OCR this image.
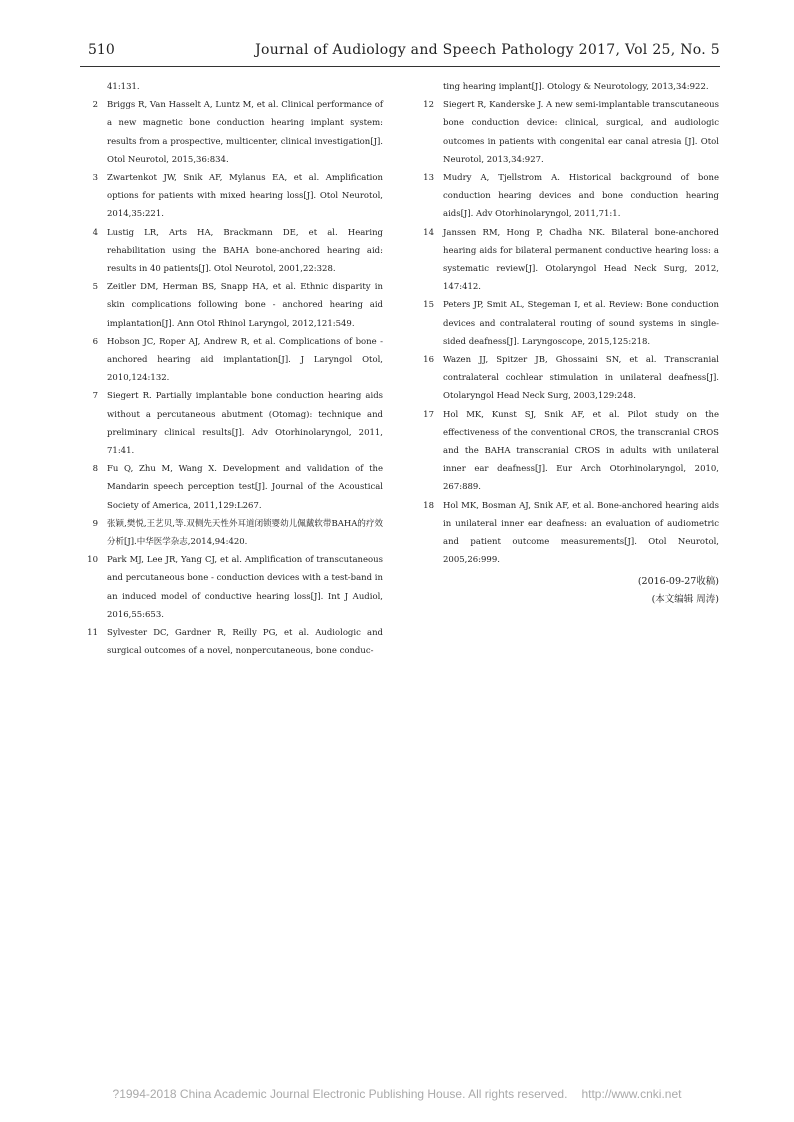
510	Journal of Audiology and Speech Pathology 2017, Vol 25, No. 5

41:131.

2 Briggs R, Van Hasselt A, Luntz M, et al. Clinical performance of a new magnetic bone conduction hearing implant system: results from a prospective, multicenter, clinical investigation[J]. Otol Neurotol, 2015,36:834.

3 Zwartenkot JW, Snik AF, Mylanus EA, et al. Amplification options for patients with mixed hearing loss[J]. Otol Neurotol, 2014,35:221.

4 Lustig LR, Arts HA, Brackmann DE, et al. Hearing rehabilitation using the BAHA bone-anchored hearing aid: results in 40 patients[J]. Otol Neurotol, 2001,22:328.

5 Zeitler DM, Herman BS, Snapp HA, et al. Ethnic disparity in skin complications following bone - anchored hearing aid implantation[J]. Ann Otol Rhinol Laryngol, 2012,121:549.

6 Hobson JC, Roper AJ, Andrew R, et al. Complications of bone - anchored hearing aid implantation[J]. J Laryngol Otol, 2010,124:132.

7 Siegert R. Partially implantable bone conduction hearing aids without a percutaneous abutment (Otomag): technique and preliminary clinical results[J]. Adv Otorhinolaryngol, 2011, 71:41.

8 Fu Q, Zhu M, Wang X. Development and validation of the Mandarin speech perception test[J]. Journal of the Acoustical Society of America, 2011,129:L267.

9 张颖,樊悦,王艺贝,等.双侧先天性外耳道闭锁婴幼儿佩戴软带BAHA的疗效分析[J].中华医学杂志,2014,94:420.

10 Park MJ, Lee JR, Yang CJ, et al. Amplification of transcutaneous and percutaneous bone - conduction devices with a test-band in an induced model of conductive hearing loss[J]. Int J Audiol, 2016,55:653.

11 Sylvester DC, Gardner R, Reilly PG, et al. Audiologic and surgical outcomes of a novel, nonpercutaneous, bone conduc-

ting hearing implant[J]. Otology & Neurotology, 2013,34:922.

12 Siegert R, Kanderske J. A new semi-implantable transcutaneous bone conduction device: clinical, surgical, and audiologic outcomes in patients with congenital ear canal atresia [J]. Otol Neurotol, 2013,34:927.

13 Mudry A, Tjellstrom A. Historical background of bone conduction hearing devices and bone conduction hearing aids[J]. Adv Otorhinolaryngol, 2011,71:1.

14 Janssen RM, Hong P, Chadha NK. Bilateral bone-anchored hearing aids for bilateral permanent conductive hearing loss: a systematic review[J]. Otolaryngol Head Neck Surg, 2012, 147:412.

15 Peters JP, Smit AL, Stegeman I, et al. Review: Bone conduction devices and contralateral routing of sound systems in single-sided deafness[J]. Laryngoscope, 2015,125:218.

16 Wazen JJ, Spitzer JB, Ghossaini SN, et al. Transcranial contralateral cochlear stimulation in unilateral deafness[J]. Otolaryngol Head Neck Surg, 2003,129:248.

17 Hol MK, Kunst SJ, Snik AF, et al. Pilot study on the effectiveness of the conventional CROS, the transcranial CROS and the BAHA transcranial CROS in adults with unilateral inner ear deafness[J]. Eur Arch Otorhinolaryngol, 2010, 267:889.

18 Hol MK, Bosman AJ, Snik AF, et al. Bone-anchored hearing aids in unilateral inner ear deafness: an evaluation of audiometric and patient outcome measurements[J]. Otol Neurotol, 2005,26:999.

(2016-09-27收稿)
(本文编辑 周涛)
?1994-2018 China Academic Journal Electronic Publishing House. All rights reserved. http://www.cnki.net
